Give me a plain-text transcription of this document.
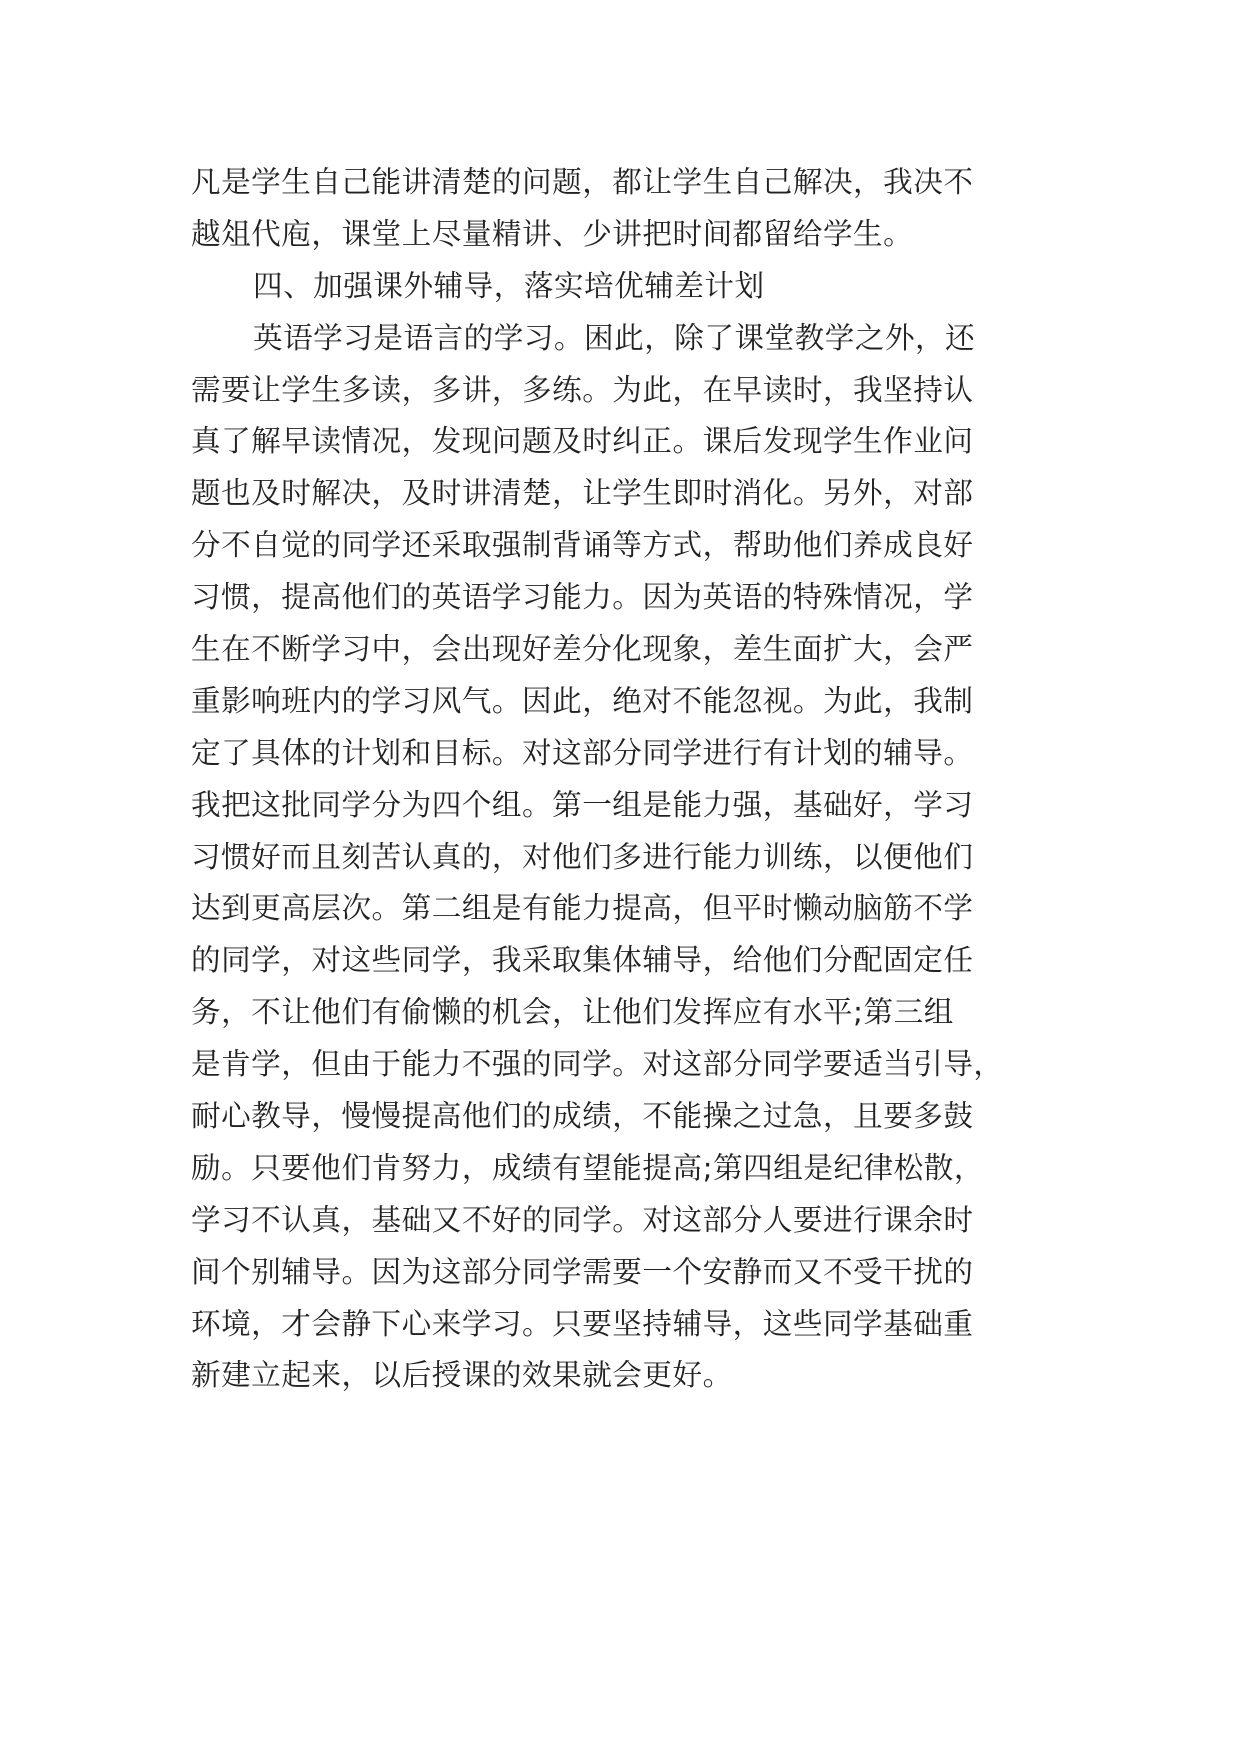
凡是学生自己能讲清楚的问题，都让学生自己解决，我决不
越俎代庖，课堂上尽量精讲、少讲把时间都留给学生。
四、加强课外辅导，落实培优辅差计划
英语学习是语言的学习。困此，除了课堂教学之外，还
需要让学生多读，多讲，多练。为此，在早读时，我坚持认
真了解早读情况，发现问题及时纠正。课后发现学生作业问
题也及时解决，及时讲清楚，让学生即时消化。另外，对部
分不自觉的同学还采取强制背诵等方式，帮助他们养成良好
习惯，提高他们的英语学习能力。因为英语的特殊情况，学
生在不断学习中，会出现好差分化现象，差生面扩大，会严
重影响班内的学习风气。因此，绝对不能忽视。为此，我制
定了具体的计划和目标。对这部分同学进行有计划的辅导。
我把这批同学分为四个组。第一组是能力强，基础好，学习
习惯好而且刻苦认真的，对他们多进行能力训练，以便他们
达到更高层次。第二组是有能力提高，但平时懒动脑筋不学
的同学，对这些同学，我采取集体辅导，给他们分配固定任
务，不让他们有偷懒的机会，让他们发挥应有水平;第三组
是肯学，但由于能力不强的同学。对这部分同学要适当引导，
耐心教导，慢慢提高他们的成绩，不能操之过急，且要多鼓
励。只要他们肯努力，成绩有望能提高;第四组是纪律松散，
学习不认真，基础又不好的同学。对这部分人要进行课余时
间个别辅导。因为这部分同学需要一个安静而又不受干扰的
环境，才会静下心来学习。只要坚持辅导，这些同学基础重
新建立起来，以后授课的效果就会更好。
